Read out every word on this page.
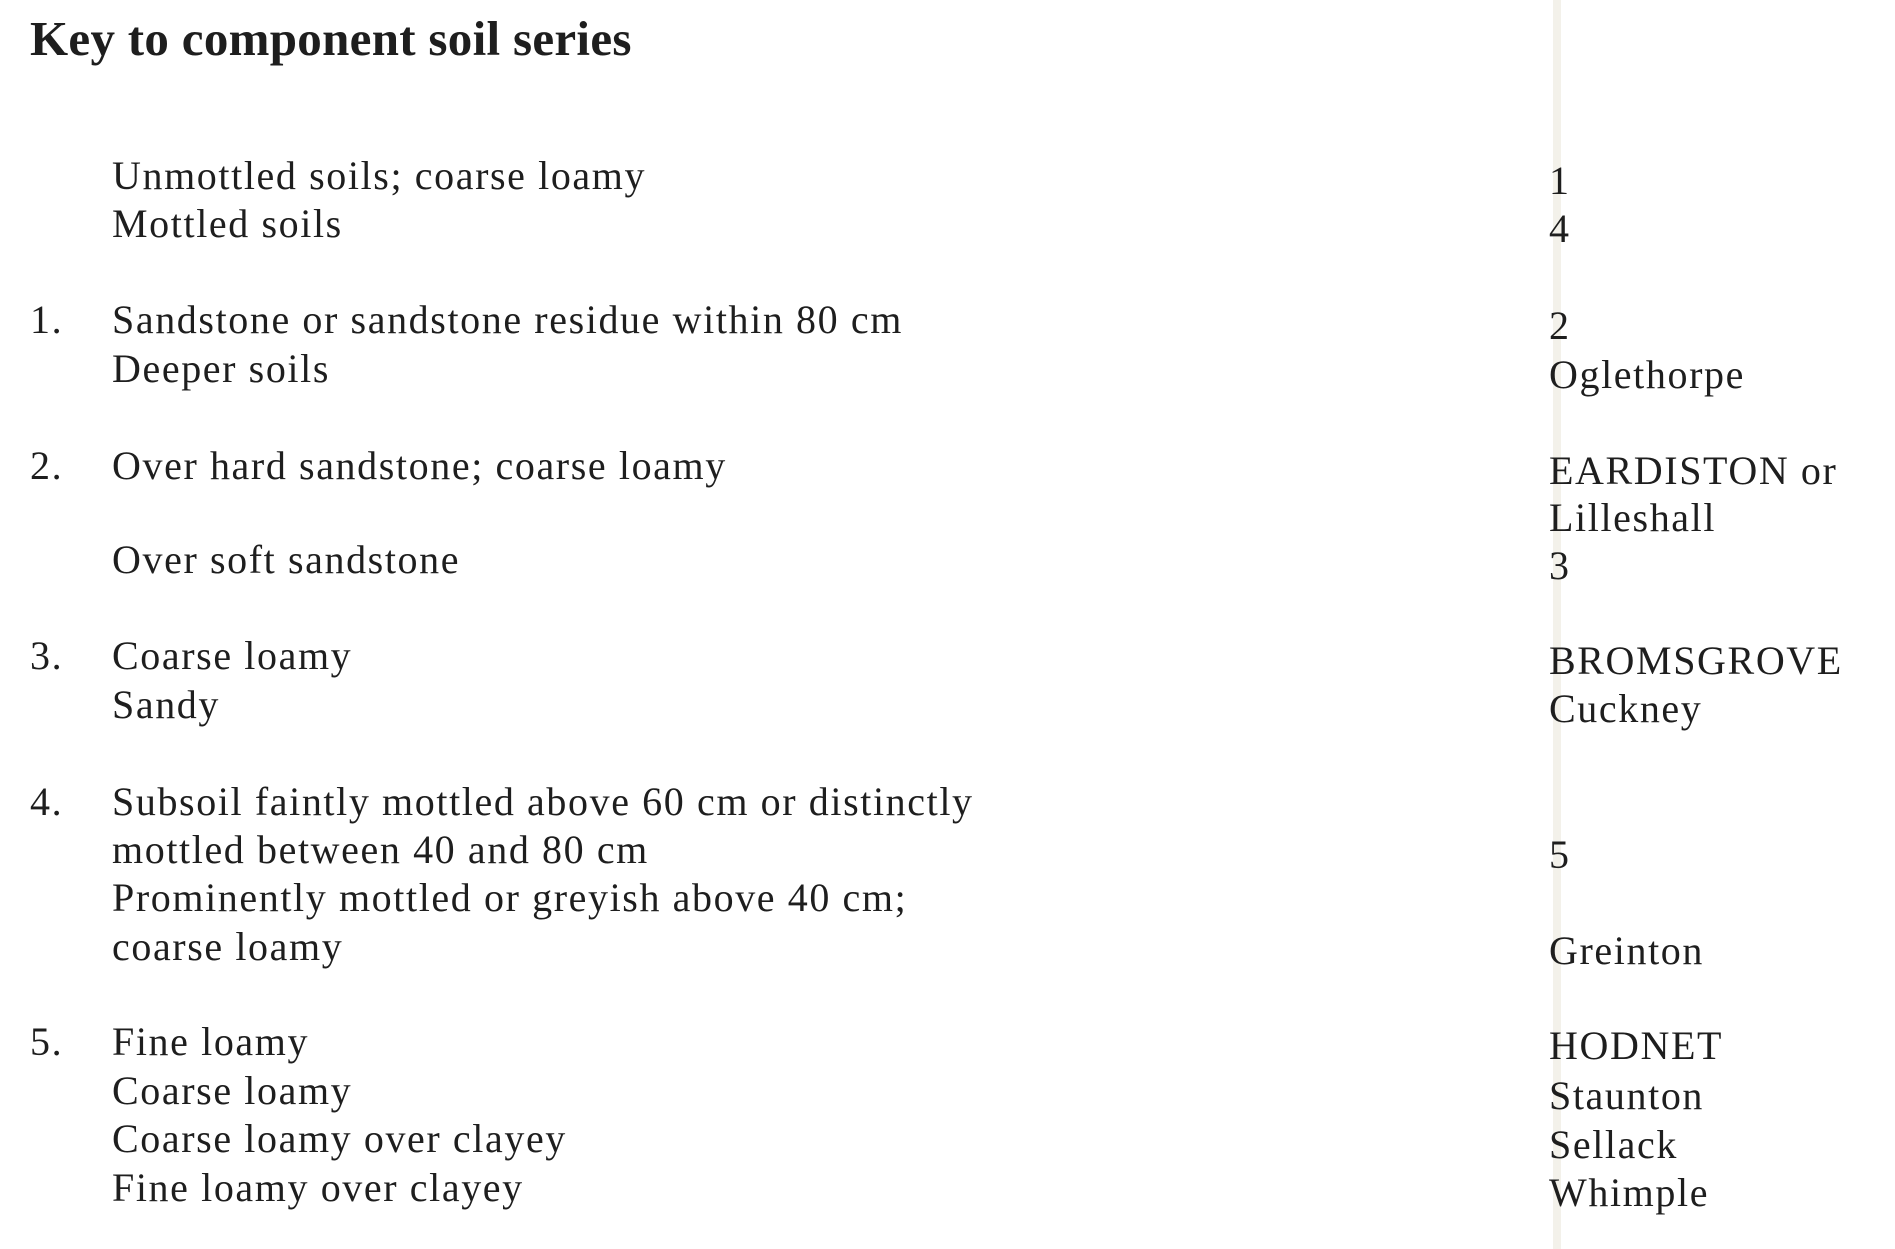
Key to component soil series
Unmottled soils; coarse loamy	1
Mottled soils	4
1. Sandstone or sandstone residue within 80 cm	2
Deeper soils	Oglethorpe
2. Over hard sandstone; coarse loamy	EARDISTON or
Lilleshall
Over soft sandstone	3
3. Coarse loamy	BROMSGROVE
Sandy	Cuckney
4. Subsoil faintly mottled above 60 cm or distinctly
mottled between 40 and 80 cm	5
Prominently mottled or greyish above 40 cm;
coarse loamy	Greinton
5. Fine loamy	HODNET
Coarse loamy	Staunton
Coarse loamy over clayey	Sellack
Fine loamy over clayey	Whimple
